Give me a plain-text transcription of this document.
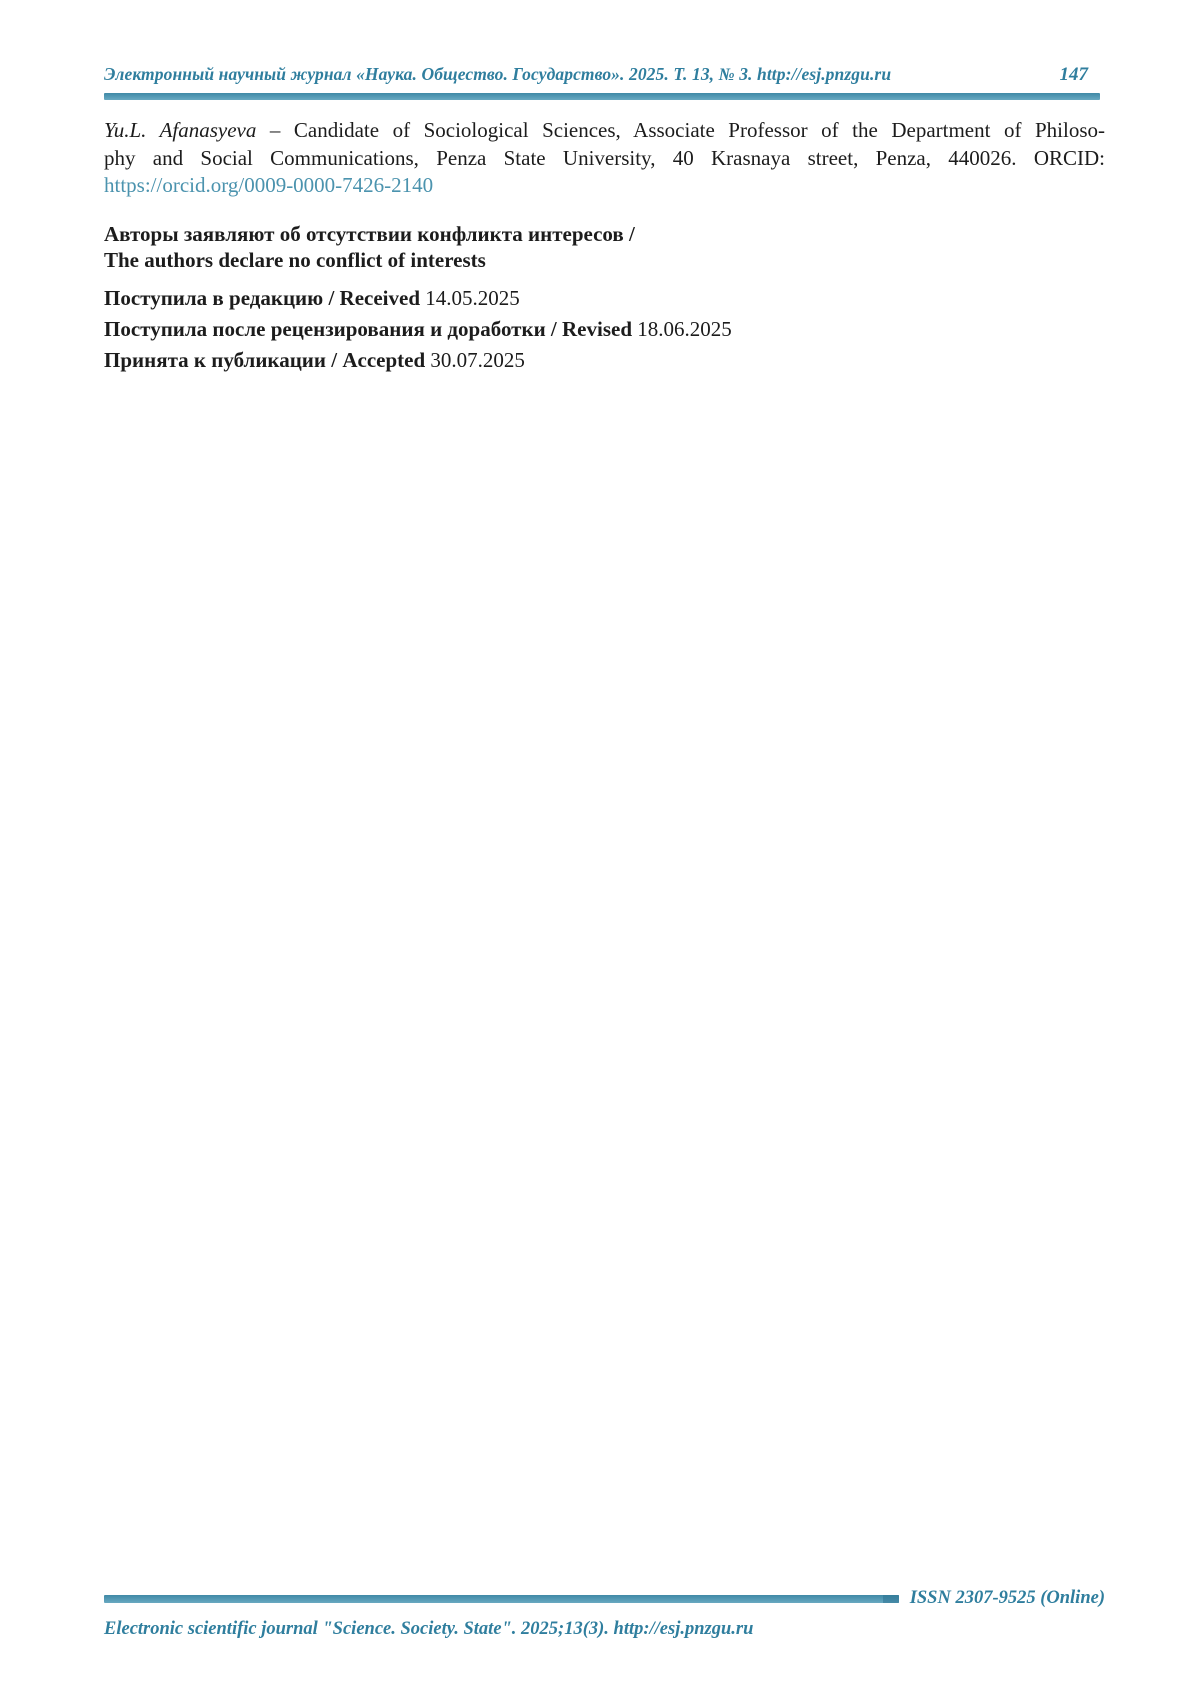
Электронный научный журнал «Наука. Общество. Государство». 2025. Т. 13, № 3. http://esj.pnzgu.ru	147
Yu.L. Afanasyeva – Candidate of Sociological Sciences, Associate Professor of the Department of Philoso-
phy and Social Communications, Penza State University, 40 Krasnaya street, Penza, 440026. ORCID:
https://orcid.org/0009-0000-7426-2140
Авторы заявляют об отсутствии конфликта интересов /
The authors declare no conflict of interests
Поступила в редакцию / Received 14.05.2025
Поступила после рецензирования и доработки / Revised 18.06.2025
Принята к публикации / Accepted 30.07.2025
ISSN 2307-9525 (Online)
Electronic scientific journal "Science. Society. State". 2025;13(3). http://esj.pnzgu.ru
